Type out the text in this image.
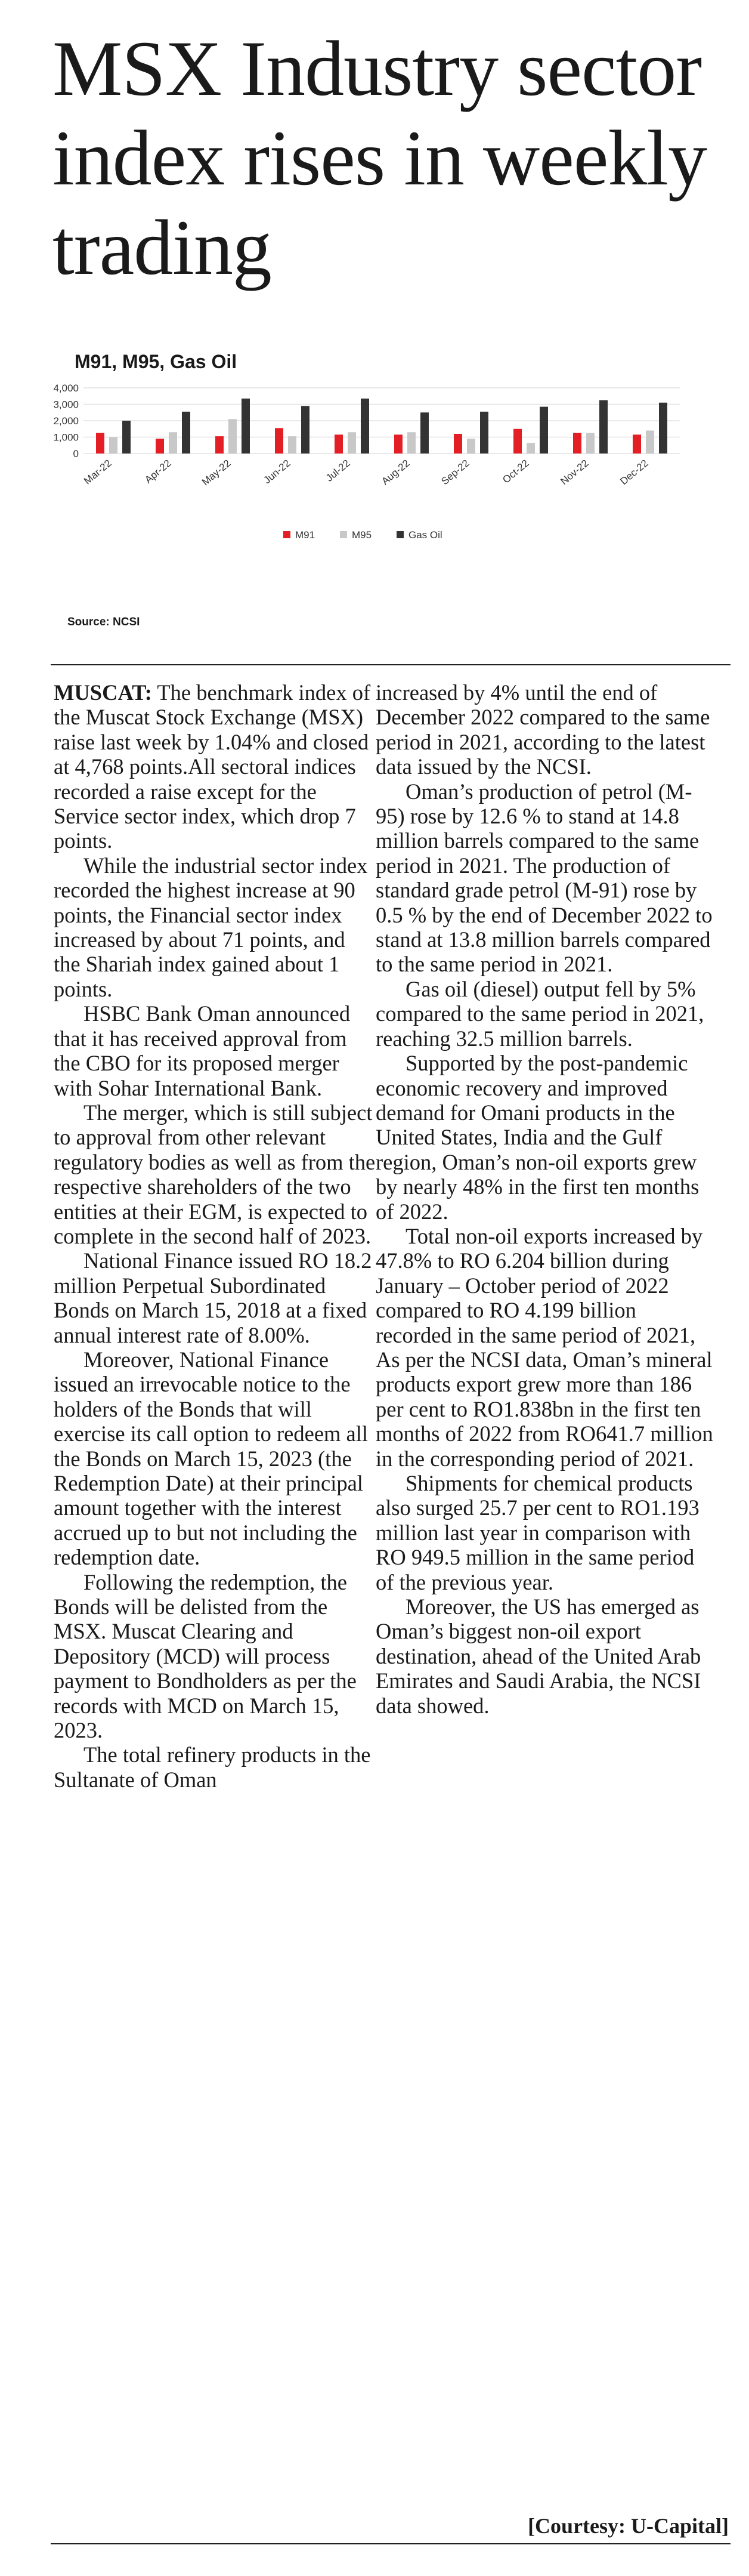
MSX Industry sector index rises in weekly trading
M91, M95, Gas Oil
4,000
3,000
2,000
1,000
0
Mar-22	Apr-22	May-22	Jun-22	Jul-22	Aug-22	Sep-22	Oct-22	Nov-22	Dec-22
M91	M95	Gas Oil
Source: NCSI

MUSCAT: The benchmark index of the Muscat Stock Exchange (MSX) raise last week by 1.04% and closed at 4,768 points.All sectoral indices recorded a raise except for the Service sector index, which drop 7 points.

While the industrial sector index recorded the highest increase at 90 points, the Financial sector index increased by about 71 points, and the Shariah index gained about 1 points.

HSBC Bank Oman announced that it has received approval from the CBO for its proposed merger with Sohar International Bank.

The merger, which is still subject to approval from other relevant regulatory bodies as well as from the respective shareholders of the two entities at their EGM, is expected to complete in the second half of 2023.

National Finance issued RO 18.2 million Perpetual Subordinated Bonds on March 15, 2018 at a fixed annual interest rate of 8.00%.

Moreover, National Finance issued an irrevocable notice to the holders of the Bonds that will exercise its call option to redeem all the Bonds on March 15, 2023 (the Redemption Date) at their principal amount together with the interest accrued up to but not including the redemption date.

Following the redemption, the Bonds will be delisted from the MSX. Muscat Clearing and Depository (MCD) will process payment to Bondholders as per the records with MCD on March 15, 2023.

The total refinery products in the Sultanate of Oman

increased by 4% until the end of December 2022 compared to the same period in 2021, according to the latest data issued by the NCSI.

Oman’s production of petrol (M-95) rose by 12.6 % to stand at 14.8 million barrels compared to the same period in 2021. The production of standard grade petrol (M-91) rose by 0.5 % by the end of December 2022 to stand at 13.8 million barrels compared to the same period in 2021.

Gas oil (diesel) output fell by 5% compared to the same period in 2021, reaching 32.5 million barrels.

Supported by the post-pandemic economic recovery and improved demand for Omani products in the United States, India and the Gulf region, Oman’s non-oil exports grew by nearly 48% in the first ten months of 2022.

Total non-oil exports increased by 47.8% to RO 6.204 billion during January – October period of 2022 compared to RO 4.199 billion recorded in the same period of 2021, As per the NCSI data, Oman’s mineral products export grew more than 186 per cent to RO1.838bn in the first ten months of 2022 from RO641.7 million in the corresponding period of 2021.

Shipments for chemical products also surged 25.7 per cent to RO1.193 million last year in comparison with RO 949.5 million in the same period of the previous year.

Moreover, the US has emerged as Oman’s biggest non-oil export destination, ahead of the United Arab Emirates and Saudi Arabia, the NCSI data showed.

[Courtesy: U-Capital]
